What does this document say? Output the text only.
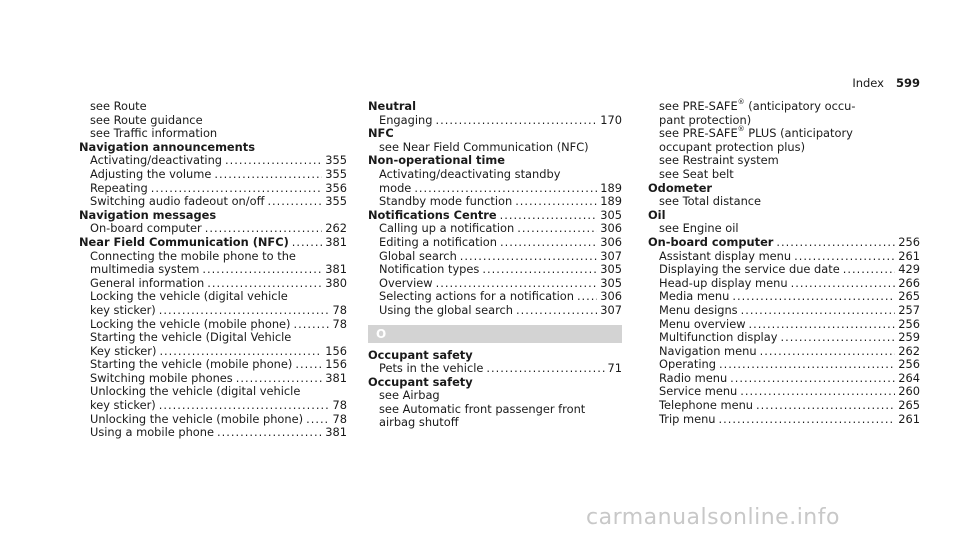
Index 599
see Route
see Route guidance
see Traffic information
Navigation announcements
Activating/deactivating .....	355
Adjusting the volume .....	355
Repeating .....	356
Switching audio fadeout on/off .....	355
Navigation messages
On-board computer .....	262
Near Field Communication (NFC) .....	381
Connecting the mobile phone to the
multimedia system .....	381
General information .....	380
Locking the vehicle (digital vehicle
key sticker) .....	78
Locking the vehicle (mobile phone) .....	78
Starting the vehicle (Digital Vehicle
Key sticker) .....	156
Starting the vehicle (mobile phone) .....	156
Switching mobile phones .....	381
Unlocking the vehicle (digital vehicle
key sticker) .....	78
Unlocking the vehicle (mobile phone) .....	78
Using a mobile phone .....	381
Neutral
Engaging .....	170
NFC
see Near Field Communication (NFC)
Non-operational time
Activating/deactivating standby
mode .....	189
Standby mode function .....	189
Notifications Centre .....	305
Calling up a notification .....	306
Editing a notification .....	306
Global search .....	307
Notification types .....	305
Overview .....	305
Selecting actions for a notification ..... 306
Using the global search .....	307
O
Occupant safety
Pets in the vehicle .....	71
Occupant safety
see Airbag
see Automatic front passenger front
airbag shutoff
see PRE-SAFE® (anticipatory occu-
pant protection)
see PRE-SAFE® PLUS (anticipatory
occupant protection plus)
see Restraint system
see Seat belt
Odometer
see Total distance
Oil
see Engine oil
On-board computer .....	256
Assistant display menu .....	261
Displaying the service due date .....	429
Head-up display menu .....	266
Media menu .....	265
Menu designs .....	257
Menu overview .....	256
Multifunction display .....	259
Navigation menu .....	262
Operating .....	256
Radio menu .....	264
Service menu .....	260
Telephone menu .....	265
Trip menu .....	261
carmanualsonline.info
